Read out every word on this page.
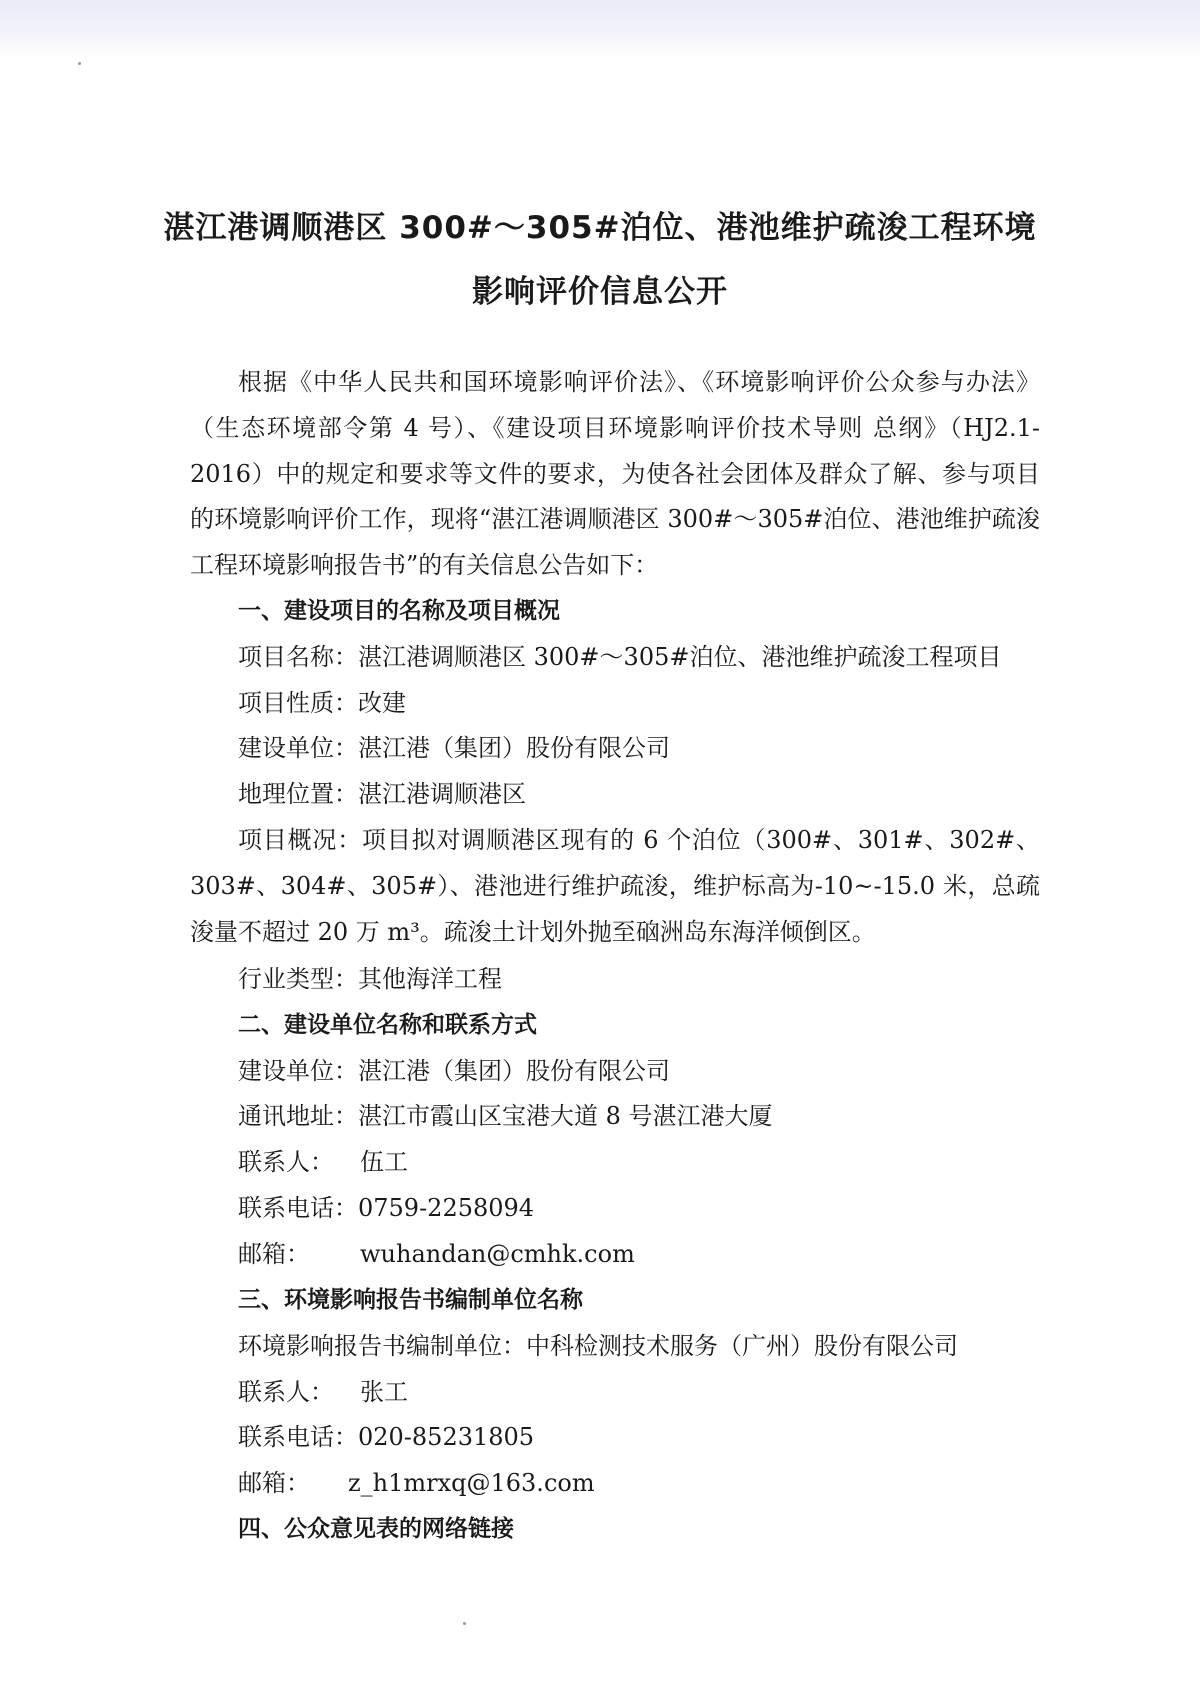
湛江港调顺港区 300#～305#泊位、港池维护疏浚工程环境
影响评价信息公开

根据《中华人民共和国环境影响评价法》、《环境影响评价公众参与办法》（生态环境部令第 4 号）、《建设项目环境影响评价技术导则 总纲》（HJ2.1-2016）中的规定和要求等文件的要求，为使各社会团体及群众了解、参与项目的环境影响评价工作，现将“湛江港调顺港区 300#～305#泊位、港池维护疏浚工程环境影响报告书”的有关信息公告如下：

一、建设项目的名称及项目概况

项目名称：湛江港调顺港区 300#～305#泊位、港池维护疏浚工程项目

项目性质：改建

建设单位：湛江港（集团）股份有限公司

地理位置：湛江港调顺港区

项目概况：项目拟对调顺港区现有的 6 个泊位（300#、301#、302#、303#、304#、305#）、港池进行维护疏浚，维护标高为-10~-15.0 米，总疏浚量不超过 20 万 m³。疏浚土计划外抛至硇洲岛东海洋倾倒区。

行业类型：其他海洋工程

二、建设单位名称和联系方式

建设单位：湛江港（集团）股份有限公司

通讯地址：湛江市霞山区宝港大道 8 号湛江港大厦

联系人： 伍工

联系电话：0759-2258094

邮箱： wuhandan@cmhk.com

三、环境影响报告书编制单位名称

环境影响报告书编制单位：中科检测技术服务（广州）股份有限公司

联系人： 张工

联系电话：020-85231805

邮箱： z_h1mrxq@163.com

四、公众意见表的网络链接
